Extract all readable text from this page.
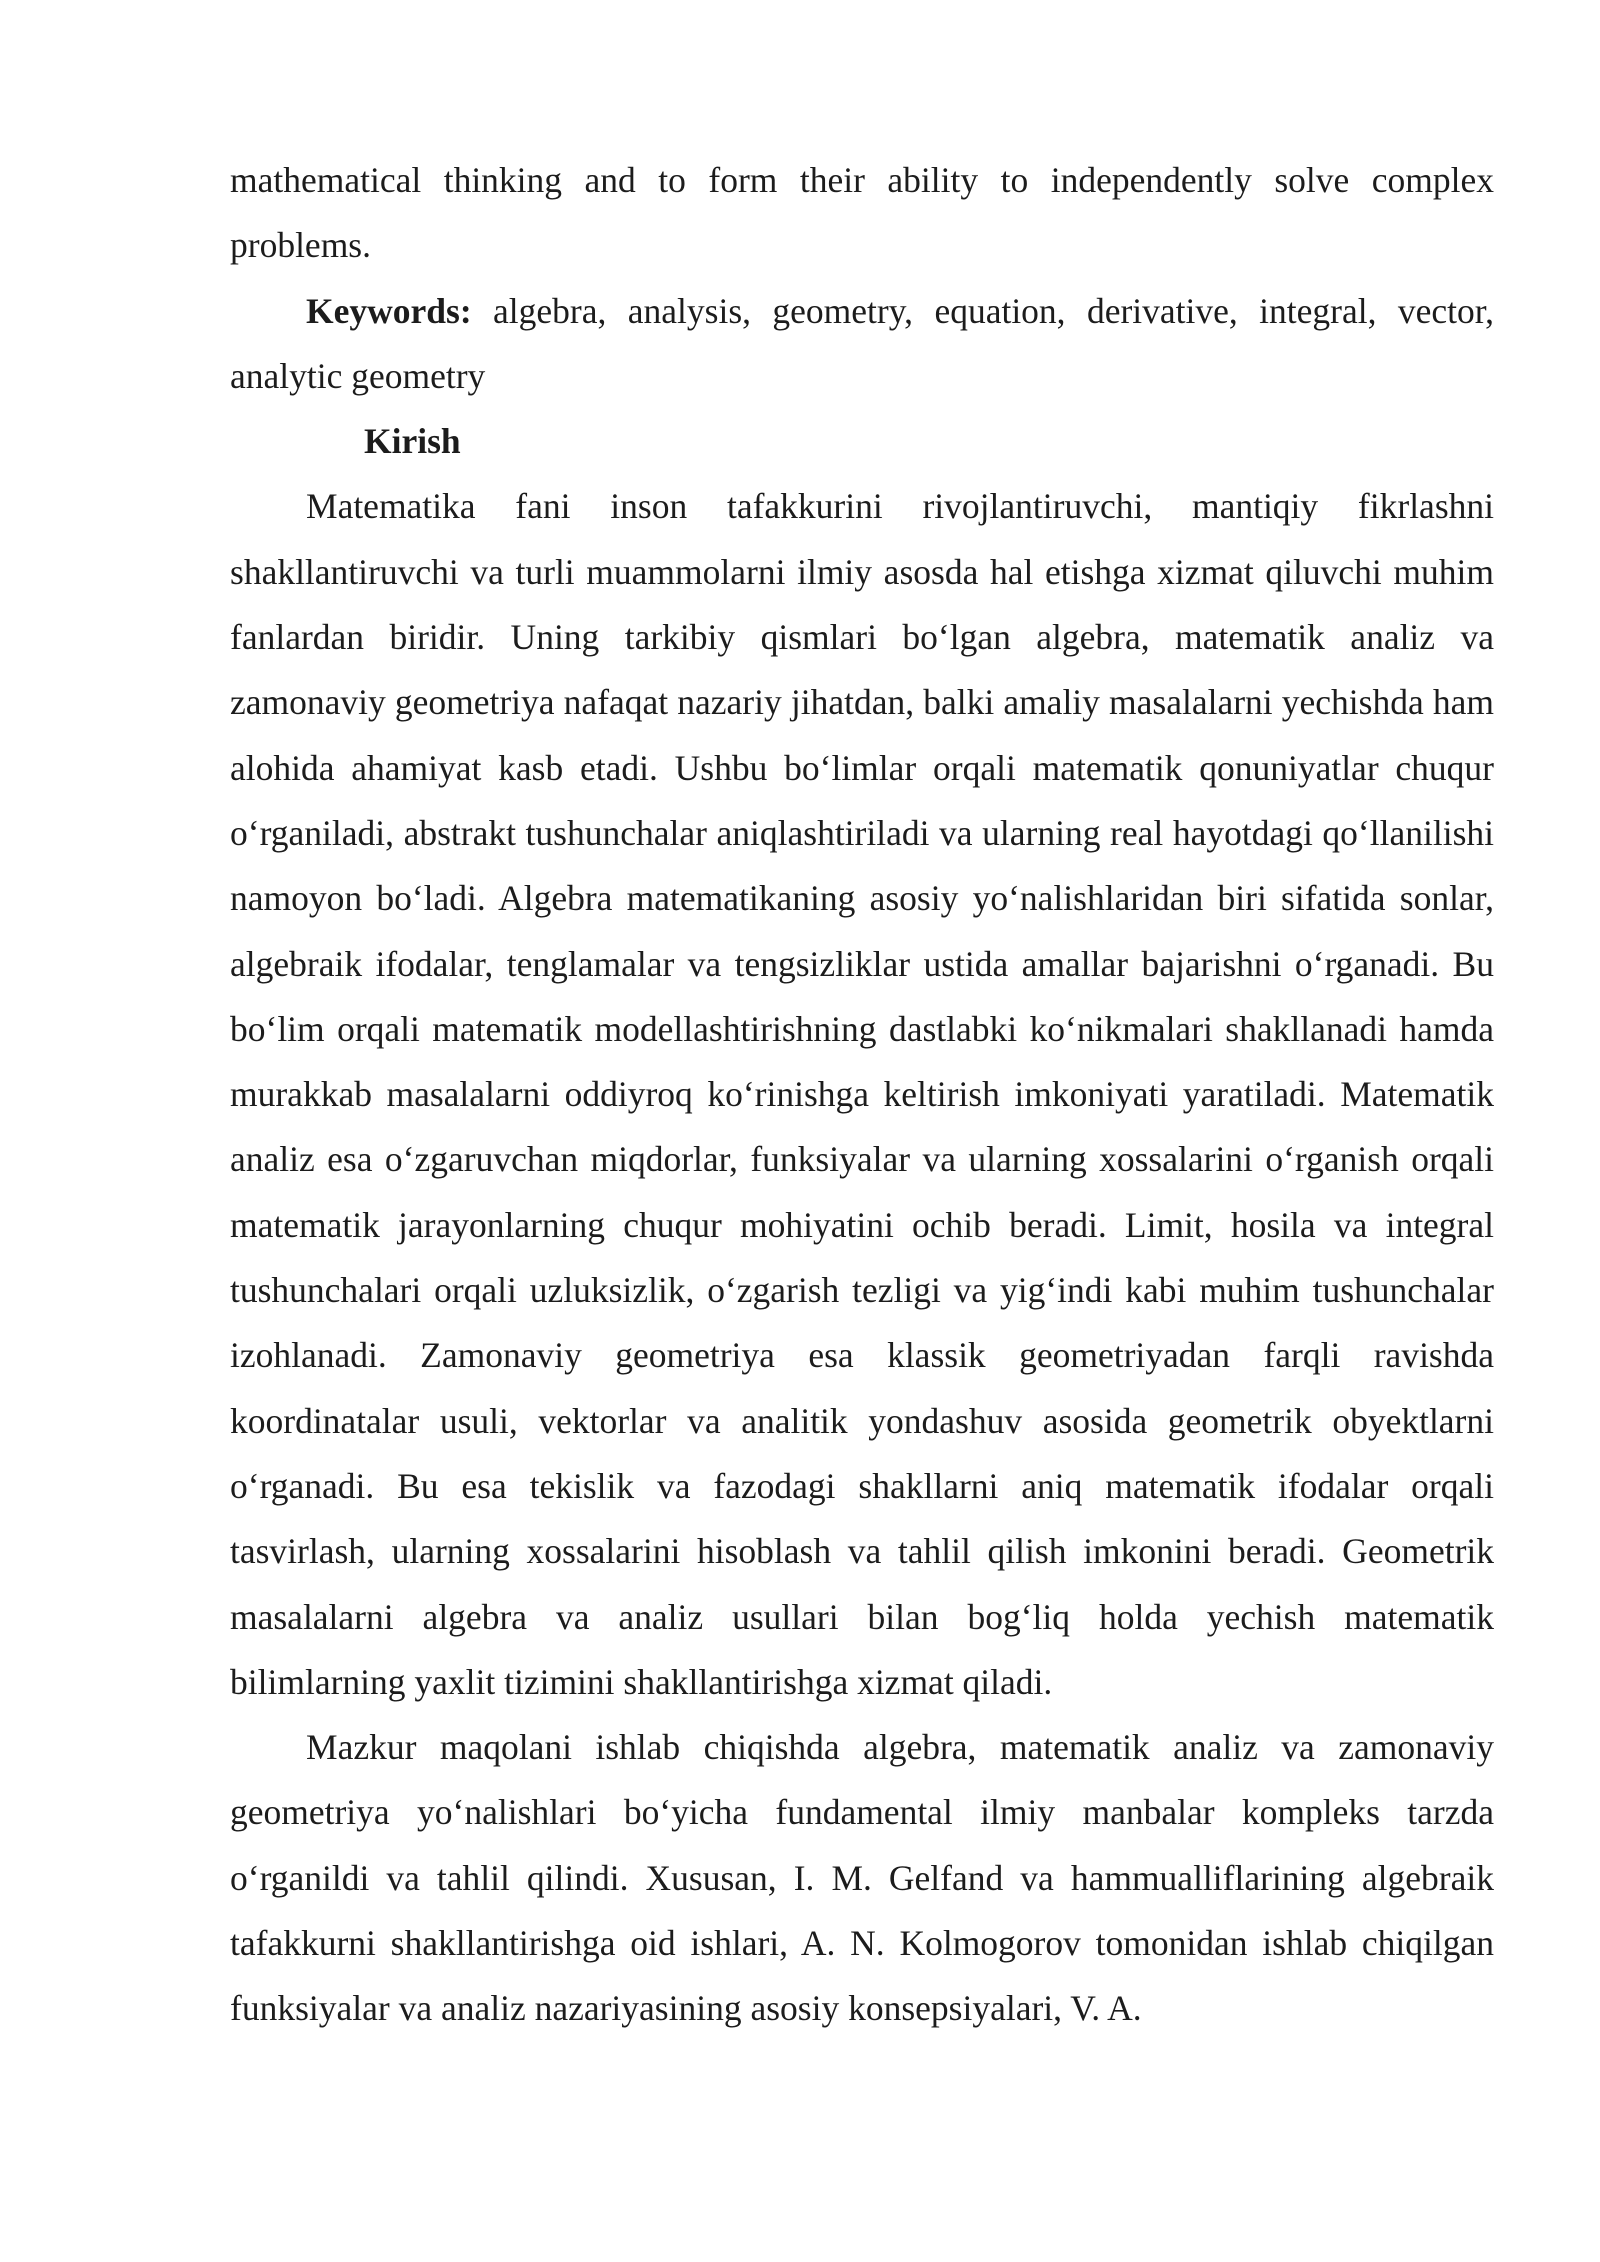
mathematical thinking and to form their ability to independently solve complex problems.

Keywords: algebra, analysis, geometry, equation, derivative, integral, vector, analytic geometry

Kirish

Matematika fani inson tafakkurini rivojlantiruvchi, mantiqiy fikrlashni shakllantiruvchi va turli muammolarni ilmiy asosda hal etishga xizmat qiluvchi muhim fanlardan biridir. Uning tarkibiy qismlari bo‘lgan algebra, matematik analiz va zamonaviy geometriya nafaqat nazariy jihatdan, balki amaliy masalalarni yechishda ham alohida ahamiyat kasb etadi. Ushbu bo‘limlar orqali matematik qonuniyatlar chuqur o‘rganiladi, abstrakt tushunchalar aniqlashtiriladi va ularning real hayotdagi qo‘llanilishi namoyon bo‘ladi. Algebra matematikaning asosiy yo‘nalishlaridan biri sifatida sonlar, algebraik ifodalar, tenglamalar va tengsizliklar ustida amallar bajarishni o‘rganadi. Bu bo‘lim orqali matematik modellashtirishning dastlabki ko‘nikmalari shakllanadi hamda murakkab masalalarni oddiyroq ko‘rinishga keltirish imkoniyati yaratiladi. Matematik analiz esa o‘zgaruvchan miqdorlar, funksiyalar va ularning xossalarini o‘rganish orqali matematik jarayonlarning chuqur mohiyatini ochib beradi. Limit, hosila va integral tushunchalari orqali uzluksizlik, o‘zgarish tezligi va yig‘indi kabi muhim tushunchalar izohlanadi. Zamonaviy geometriya esa klassik geometriyadan farqli ravishda koordinatalar usuli, vektorlar va analitik yondashuv asosida geometrik obyektlarni o‘rganadi. Bu esa tekislik va fazodagi shakllarni aniq matematik ifodalar orqali tasvirlash, ularning xossalarini hisoblash va tahlil qilish imkonini beradi. Geometrik masalalarni algebra va analiz usullari bilan bog‘liq holda yechish matematik bilimlarning yaxlit tizimini shakllantirishga xizmat qiladi.

Mazkur maqolani ishlab chiqishda algebra, matematik analiz va zamonaviy geometriya yo‘nalishlari bo‘yicha fundamental ilmiy manbalar kompleks tarzda o‘rganildi va tahlil qilindi. Xususan, I. M. Gelfand va hammualliflarining algebraik tafakkurni shakllantirishga oid ishlari, A. N. Kolmogorov tomonidan ishlab chiqilgan funksiyalar va analiz nazariyasining asosiy konsepsiyalari, V. A.
